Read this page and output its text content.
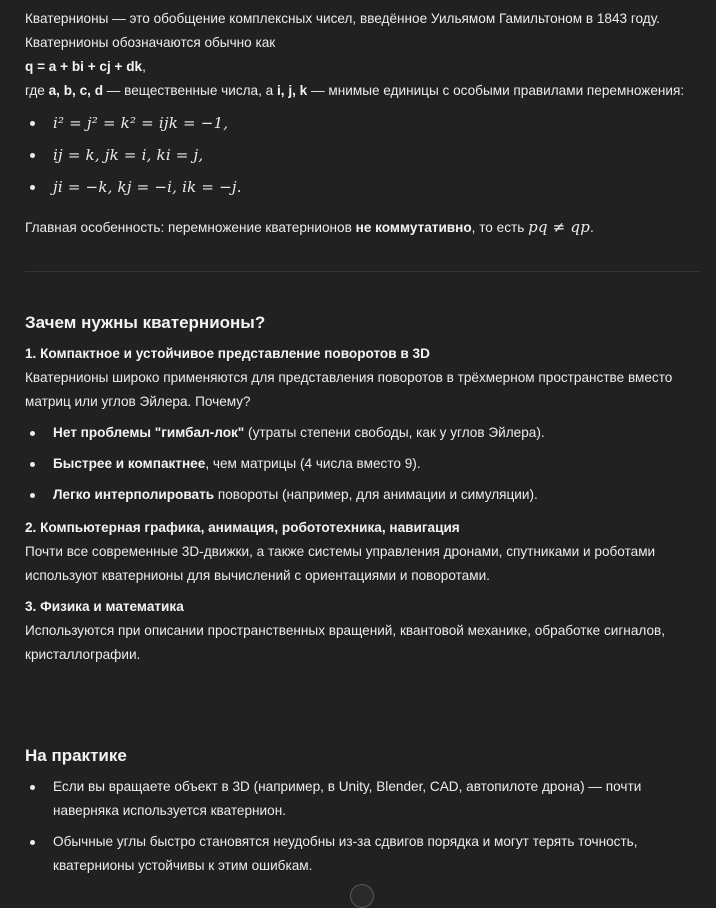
Кватернионы — это обобщение комплексных чисел, введённое Уильямом Гамильтоном в 1843 году.

Кватернионы обозначаются обычно как

q = a + bi + cj + dk,

где a, b, c, d — вещественные числа, а i, j, k — мнимые единицы с особыми правилами перемножения:

i² = j² = k² = ijk = −1,
ij = k, jk = i, ki = j,
ji = −k, kj = −i, ik = −j.

Главная особенность: перемножение кватернионов не коммутативно, то есть pq ≠ qp.

Зачем нужны кватернионы?
1. Компактное и устойчивое представление поворотов в 3D

Кватернионы широко применяются для представления поворотов в трёхмерном пространстве вместо матриц или углов Эйлера. Почему?

Нет проблемы "гимбал-лок" (утраты степени свободы, как у углов Эйлера).
Быстрее и компактнее, чем матрицы (4 числа вместо 9).
Легко интерполировать повороты (например, для анимации и симуляции).
2. Компьютерная графика, анимация, робототехника, навигация

Почти все современные 3D-движки, а также системы управления дронами, спутниками и роботами используют кватернионы для вычислений с ориентациями и поворотами.

3. Физика и математика

Используются при описании пространственных вращений, квантовой механике, обработке сигналов, кристаллографии.

На практике
Если вы вращаете объект в 3D (например, в Unity, Blender, CAD, автопилоте дрона) — почти наверняка используется кватернион.
Обычные углы быстро становятся неудобны из-за сдвигов порядка и могут терять точность, кватернионы устойчивы к этим ошибкам.
